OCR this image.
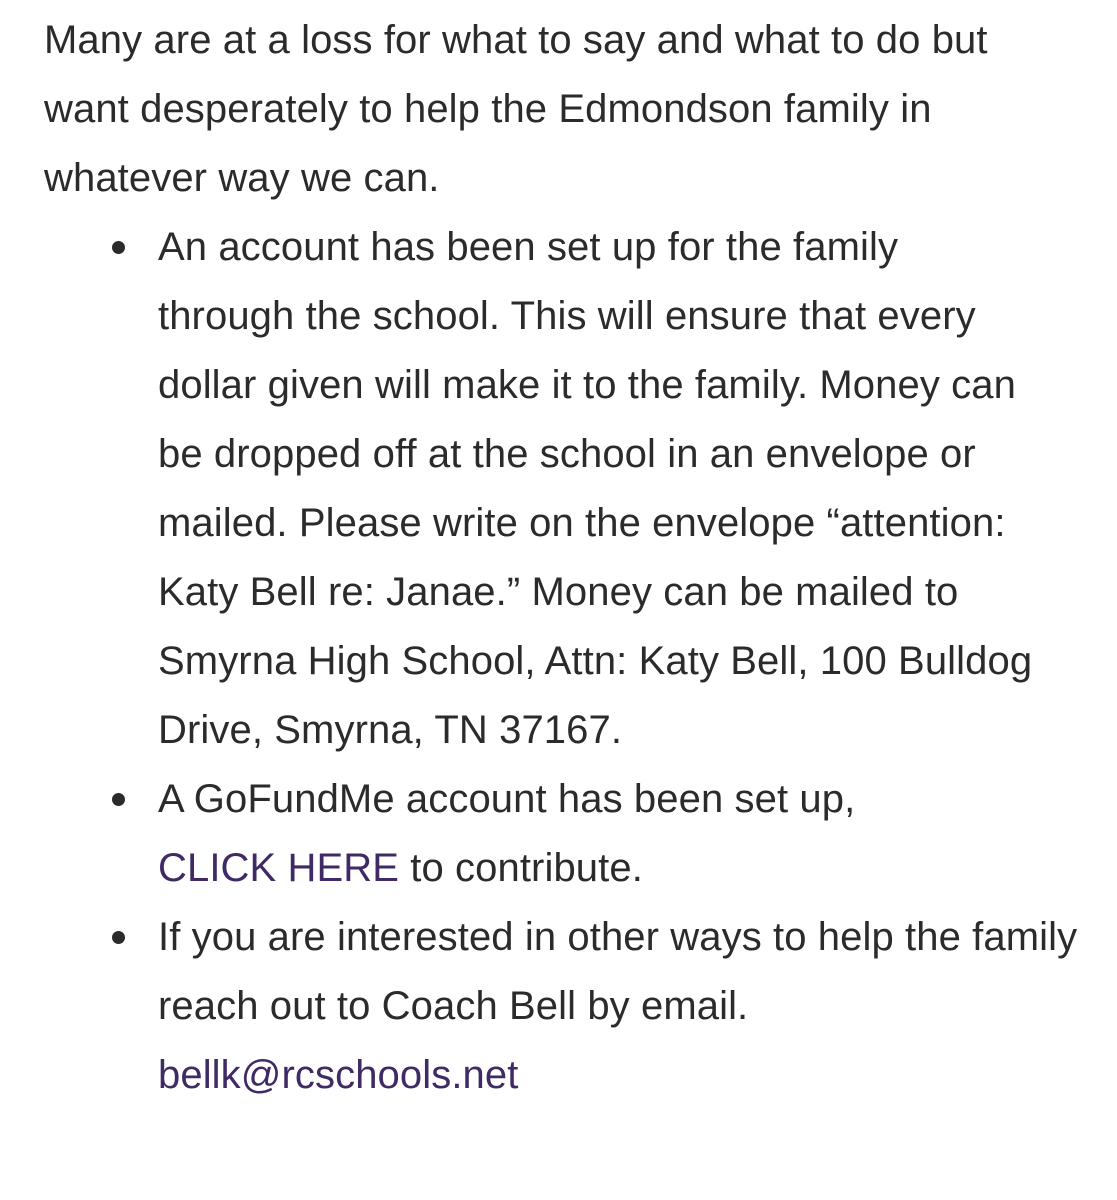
Many are at a loss for what to say and what to do but want desperately to help the Edmondson family in whatever way we can.

An account has been set up for the family through the school. This will ensure that every dollar given will make it to the family. Money can be dropped off at the school in an envelope or mailed. Please write on the envelope “attention: Katy Bell re: Janae.” Money can be mailed to Smyrna High School, Attn: Katy Bell, 100 Bulldog Drive, Smyrna, TN 37167.
A GoFundMe account has been set up, CLICK HERE to contribute.
If you are interested in other ways to help the family reach out to Coach Bell by email. bellk@rcschools.net
